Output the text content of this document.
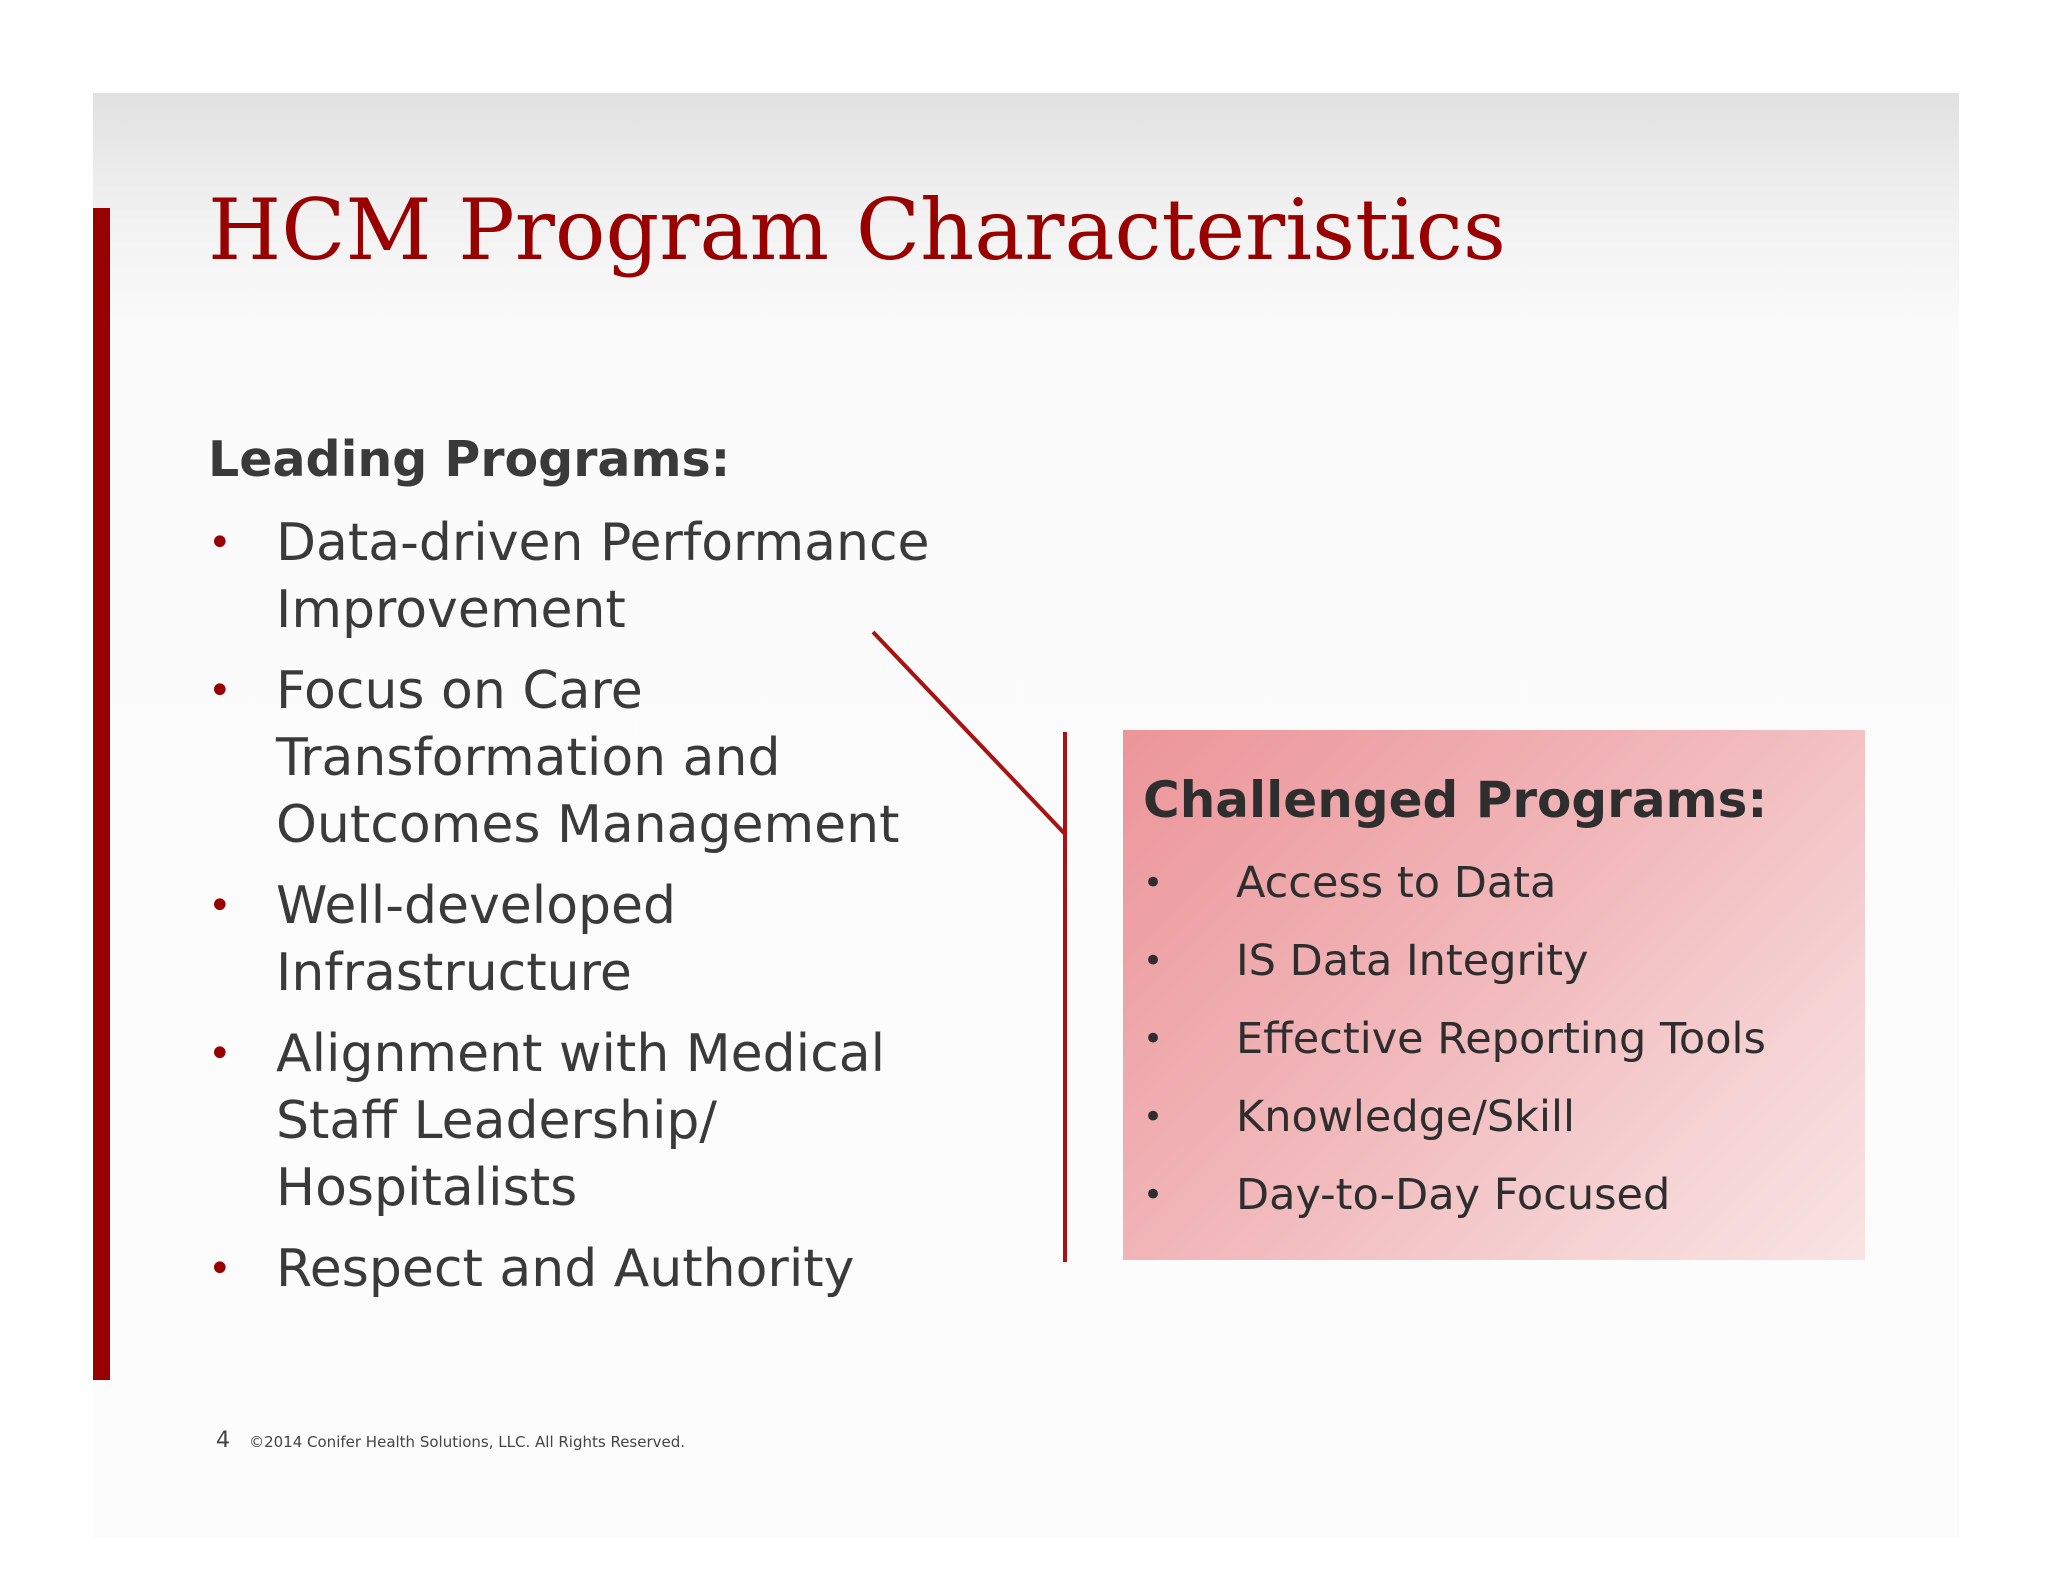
HCM Program Characteristics
Leading Programs:
• Data-driven Performance Improvement
• Focus on Care Transformation and Outcomes Management
• Well-developed Infrastructure
• Alignment with Medical Staff Leadership/ Hospitalists
• Respect and Authority
Challenged Programs:
• Access to Data
• IS Data Integrity
• Effective Reporting Tools
• Knowledge/Skill
• Day-to-Day Focused
4 ©2014 Conifer Health Solutions, LLC. All Rights Reserved.
